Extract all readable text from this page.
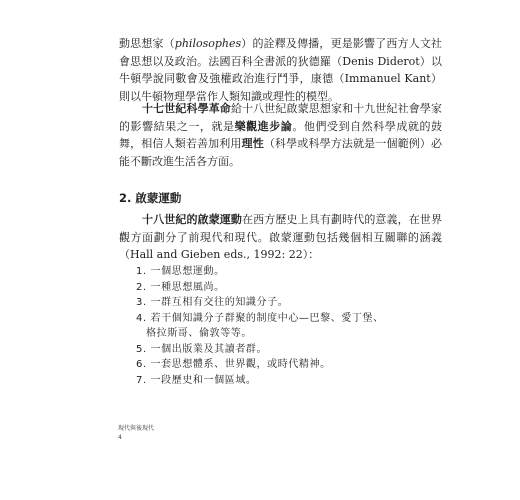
動思想家（philosophes）的詮釋及傳播，更是影響了西方人文社會思想以及政治。法國百科全書派的狄德羅（Denis Diderot）以牛頓學說同數會及強權政治進行鬥爭，康德（Immanuel Kant）則以牛頓物理學當作人類知識或理性的模型。

十七世紀科學革命給十八世紀啟蒙思想家和十九世紀社會學家的影響結果之一，就是樂觀進步論。他們受到自然科學成就的鼓舞，相信人類若善加利用理性（科學或科學方法就是一個範例）必能不斷改進生活各方面。

2. 啟蒙運動

十八世紀的啟蒙運動在西方歷史上具有劃時代的意義，在世界觀方面劃分了前現代和現代。啟蒙運動包括幾個相互關聯的涵義（Hall and Gieben eds., 1992: 22）：

1. 一個思想運動。
2. 一種思想風尚。
3. 一群互相有交往的知識分子。
4. 若干個知識分子群聚的制度中心—巴黎、愛丁堡、
格拉斯哥、倫敦等等。
5. 一個出版業及其讀者群。
6. 一套思想體系、世界觀，或時代精神。
7. 一段歷史和一個區域。
現代與後現代
4
